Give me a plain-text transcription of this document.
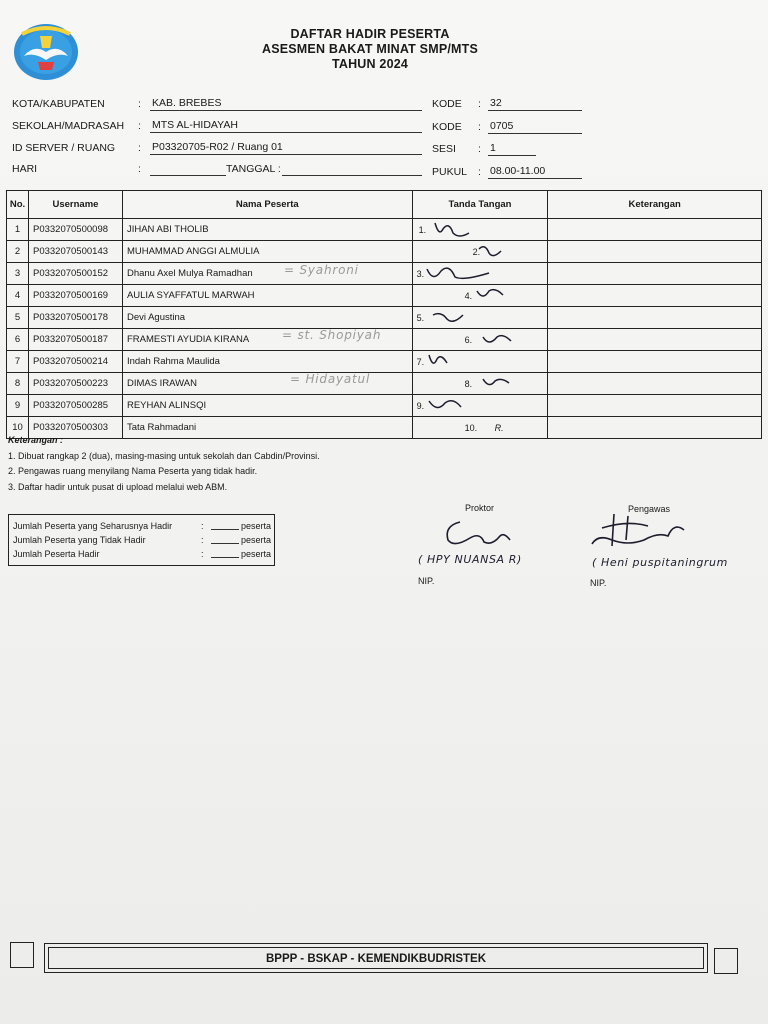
DAFTAR HADIR PESERTA
ASESMEN BAKAT MINAT SMP/MTS
TAHUN 2024
KOTA/KABUPATEN	: KAB. BREBES
SEKOLAH/MADRASAH : MTS AL-HIDAYAH
ID SERVER / RUANG : P03320705-R02 / Ruang 01
HARI	:	TANGGAL :
KODE : 32
KODE : 0705
SESI : 1
PUKUL : 08.00-11.00
No.	Username	Nama Peserta	Tanda Tangan	Keterangan
1	P0332070500098	JIHAN ABI THOLIB	1.	

2	P0332070500143	MUHAMMAD ANGGI ALMULIA	2.	

3	P0332070500152	Dhanu Axel Mulya Ramadhan	3.	

4	P0332070500169	AULIA SYAFFATUL MARWAH	4.	

5	P0332070500178	Devi Agustina	5.	

6	P0332070500187	FRAMESTI AYUDIA KIRANA	6.	

7	P0332070500214	Indah Rahma Maulida	7.	

8	P0332070500223	DIMAS IRAWAN	8.	

9	P0332070500285	REYHAN ALINSQI	9.	

10	P0332070500303	Tata Rahmadani	10. R.	

= Syahroni
= st. Shopiyah
= Hidayatul
Keterangan :
1. Dibuat rangkap 2 (dua), masing-masing untuk sekolah dan Cabdin/Provinsi.
2. Pengawas ruang menyilang Nama Peserta yang tidak hadir.
3. Daftar hadir untuk pusat di upload melalui web ABM.
Jumlah Peserta yang Seharusnya Hadir	:	peserta
Jumlah Peserta yang Tidak Hadir	:	peserta
Jumlah Peserta Hadir	:	peserta
Proktor	Pengawas
( HPY NUANSA R)	( Heni puspitaningrum
NIP.	NIP.
BPPP - BSKAP - KEMENDIKBUDRISTEK
